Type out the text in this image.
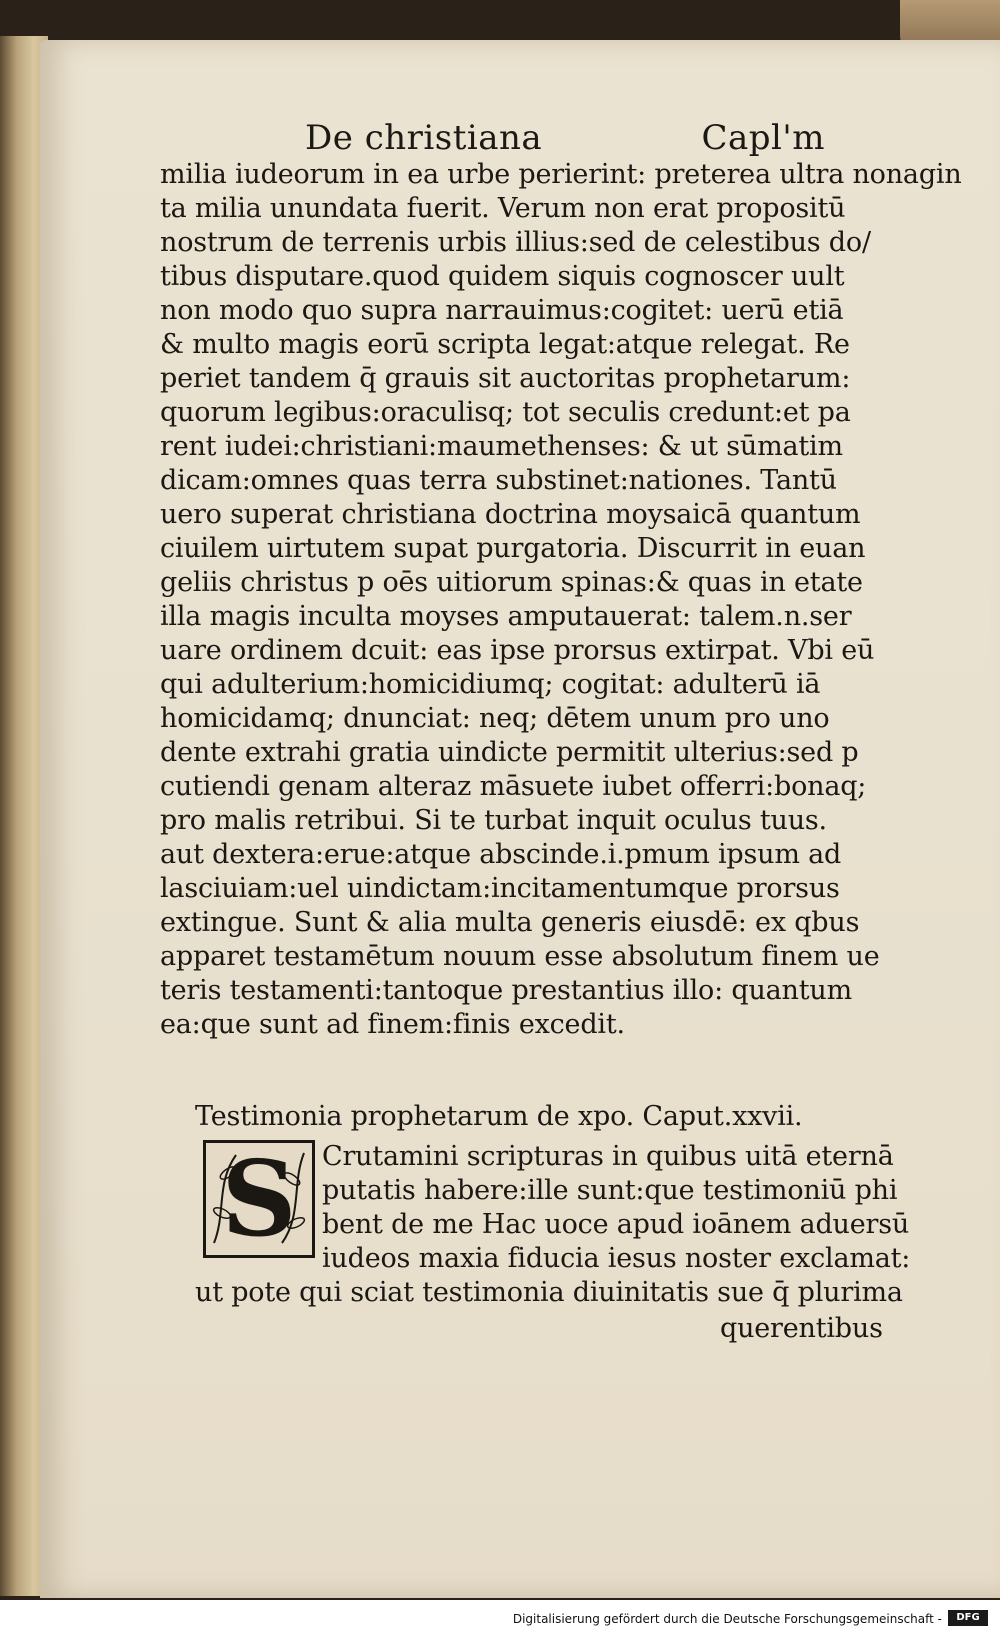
De christiana	Capl'm
milia iudeorum in ea urbe perierint: preterea ultra nonagin
ta milia unundata fuerit. Verum non erat propositū
nostrum de terrenis urbis illius:sed de celestibus do/
tibus disputare.quod quidem siquis cognoscer uult
non modo quo supra narrauimus:cogitet: uerū etiā
& multo magis eorū scripta legat:atque relegat. Re
periet tandem q̄ grauis sit auctoritas prophetarum:
quorum legibus:oraculisq; tot seculis credunt:et pa
rent iudei:christiani:maumethenses: & ut sūmatim
dicam:omnes quas terra substinet:nationes. Tantū
uero superat christiana doctrina moysaicā quantum
ciuilem uirtutem supat purgatoria. Discurrit in euan
geliis christus p oēs uitiorum spinas:& quas in etate
illa magis inculta moyses amputauerat: talem.n.ser
uare ordinem dcuit: eas ipse prorsus extirpat. Vbi eū
qui adulterium:homicidiumq; cogitat: adulterū iā
homicidamq; dnunciat: neq; dētem unum pro uno
dente extrahi gratia uindicte permitit ulterius:sed p
cutiendi genam alteraz māsuete iubet offerri:bonaq;
pro malis retribui. Si te turbat inquit oculus tuus.
aut dextera:erue:atque abscinde.i.pmum ipsum ad
lasciuiam:uel uindictam:incitamentumque prorsus
extingue. Sunt & alia multa generis eiusdē: ex qbus
apparet testamētum nouum esse absolutum finem ue
teris testamenti:tantoque prestantius illo: quantum
ea:que sunt ad finem:finis excedit.
Testimonia prophetarum de xpo. Caput.xxvii.
S Crutamini scripturas in quibus uitā eternā
putatis habere:ille sunt:que testimoniū phi
bent de me Hac uoce apud ioānem aduersū
iudeos maxia fiducia iesus noster exclamat:
ut pote qui sciat testimonia diuinitatis sue q̄ plurima
querentibus
Digitalisierung gefördert durch die Deutsche Forschungsgemeinschaft -	DFG
